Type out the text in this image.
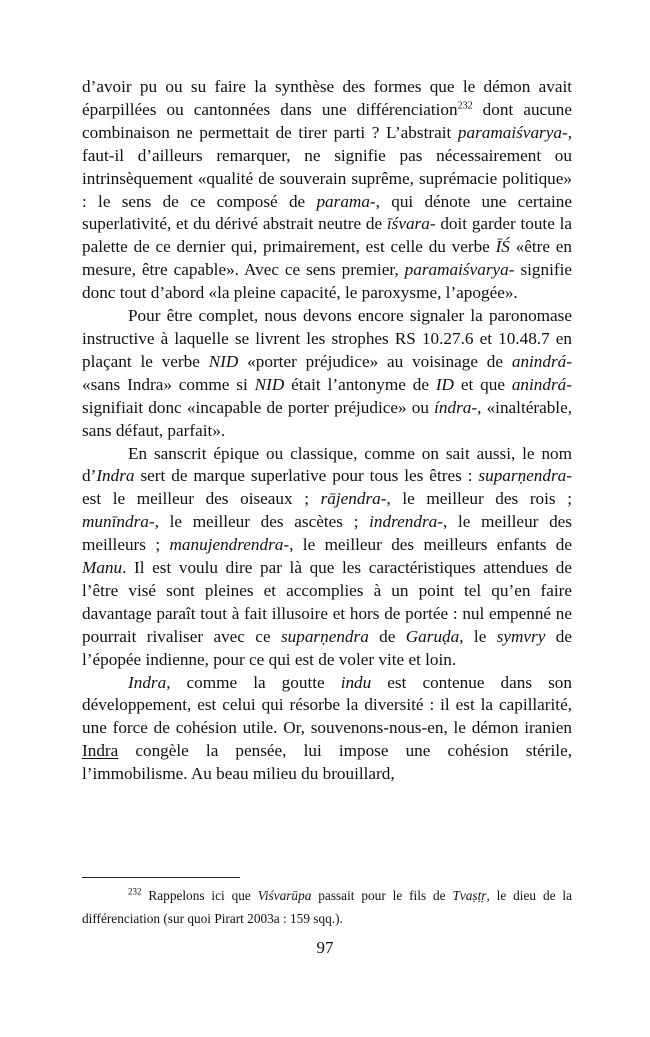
d’avoir pu ou su faire la synthèse des formes que le démon avait éparpillées ou cantonnées dans une différenciation$^{232}$ dont aucune combinaison ne permettait de tirer parti ? L’abstrait paramaiśvarya-, faut-il d’ailleurs remarquer, ne signifie pas nécessairement ou intrinsèquement «qualité de souverain suprême, suprémacie politique» : le sens de ce composé de parama-, qui dénote une certaine superlativité, et du dérivé abstrait neutre de īśvara- doit garder toute la palette de ce dernier qui, primairement, est celle du verbe ĪŚ «être en mesure, être capable». Avec ce sens premier, paramaiśvarya- signifie donc tout d’abord «la pleine capacité, le paroxysme, l’apogée».

Pour être complet, nous devons encore signaler la paronomase instructive à laquelle se livrent les strophes RS 10.27.6 et 10.48.7 en plaçant le verbe NID «porter préjudice» au voisinage de anindrá- «sans Indra» comme si NID était l’antonyme de ID et que anindrá- signifiait donc «incapable de porter préjudice» ou índra-, «inaltérable, sans défaut, parfait».

En sanscrit épique ou classique, comme on sait aussi, le nom d’Indra sert de marque superlative pour tous les êtres : suparṇendra- est le meilleur des oiseaux ; rājendra-, le meilleur des rois ; munīndra-, le meilleur des ascètes ; indrendra-, le meilleur des meilleurs ; manujendrendra-, le meilleur des meilleurs enfants de Manu. Il est voulu dire par là que les caractéristiques attendues de l’être visé sont pleines et accomplies à un point tel qu’en faire davantage paraît tout à fait illusoire et hors de portée : nul empenné ne pourrait rivaliser avec ce suparṇendra de Garuḍa, le symvry de l’épopée indienne, pour ce qui est de voler vite et loin.

Indra, comme la goutte indu est contenue dans son développement, est celui qui résorbe la diversité : il est la capillarité, une force de cohésion utile. Or, souvenons-nous-en, le démon iranien Indra congèle la pensée, lui impose une cohésion stérile, l’immobilisme. Au beau milieu du brouillard,

$^{232}$ Rappelons ici que Viśvarūpa passait pour le fils de Tvaṣṭṛ, le dieu de la différenciation (sur quoi Pirart 2003a : 159 sqq.).

97
